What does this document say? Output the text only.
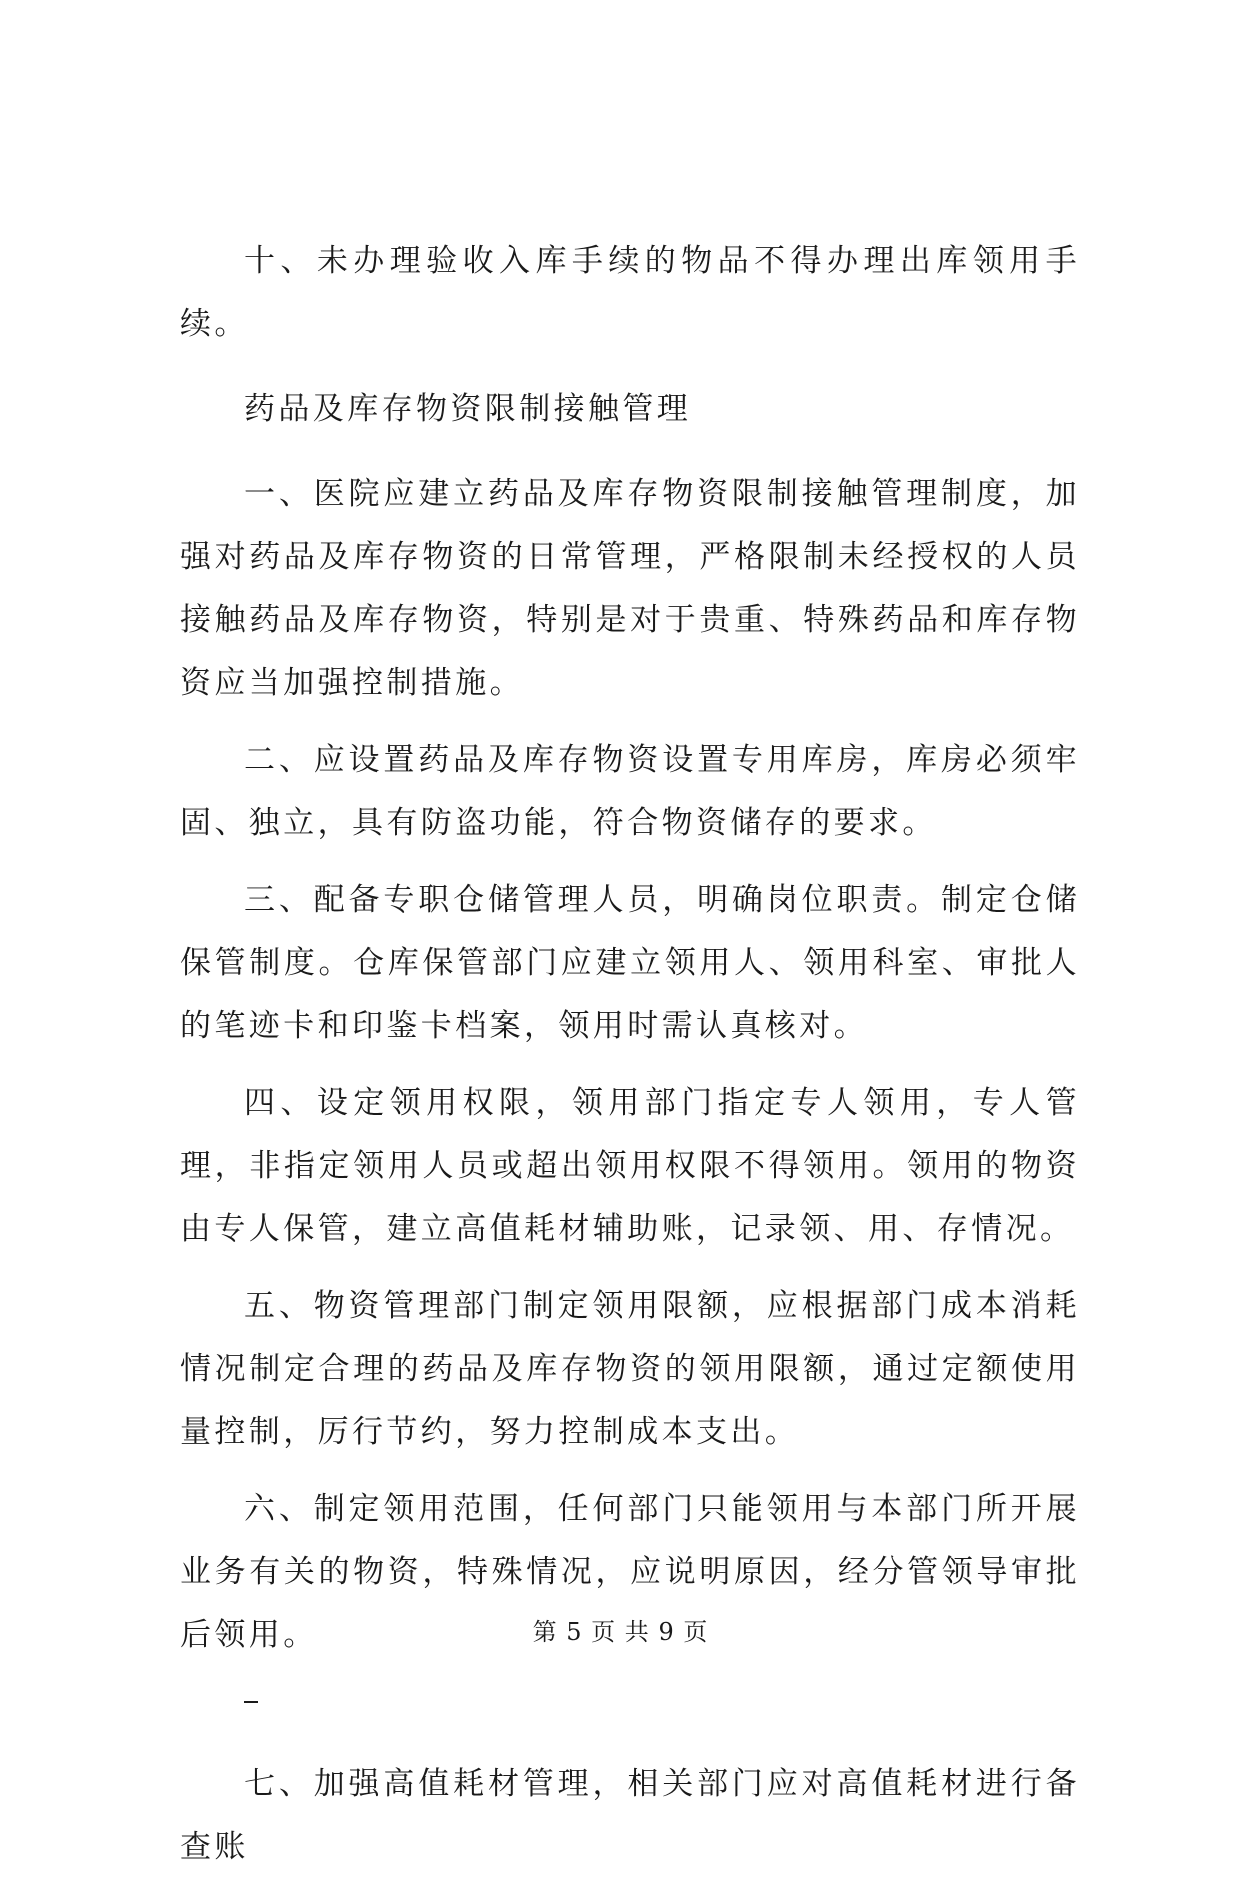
十、未办理验收入库手续的物品不得办理出库领用手续。

药品及库存物资限制接触管理

一、医院应建立药品及库存物资限制接触管理制度，加强对药品及库存物资的日常管理，严格限制未经授权的人员接触药品及库存物资，特别是对于贵重、特殊药品和库存物资应当加强控制措施。

二、应设置药品及库存物资设置专用库房，库房必须牢固、独立，具有防盗功能，符合物资储存的要求。

三、配备专职仓储管理人员，明确岗位职责。制定仓储保管制度。仓库保管部门应建立领用人、领用科室、审批人的笔迹卡和印鉴卡档案，领用时需认真核对。

四、设定领用权限，领用部门指定专人领用，专人管理，非指定领用人员或超出领用权限不得领用。领用的物资由专人保管，建立高值耗材辅助账，记录领、用、存情况。

五、物资管理部门制定领用限额，应根据部门成本消耗情况制定合理的药品及库存物资的领用限额，通过定额使用量控制，厉行节约，努力控制成本支出。

六、制定领用范围，任何部门只能领用与本部门所开展业务有关的物资，特殊情况，应说明原因，经分管领导审批后领用。

七、加强高值耗材管理，相关部门应对高值耗材进行备查账

第 5 页 共 9 页
